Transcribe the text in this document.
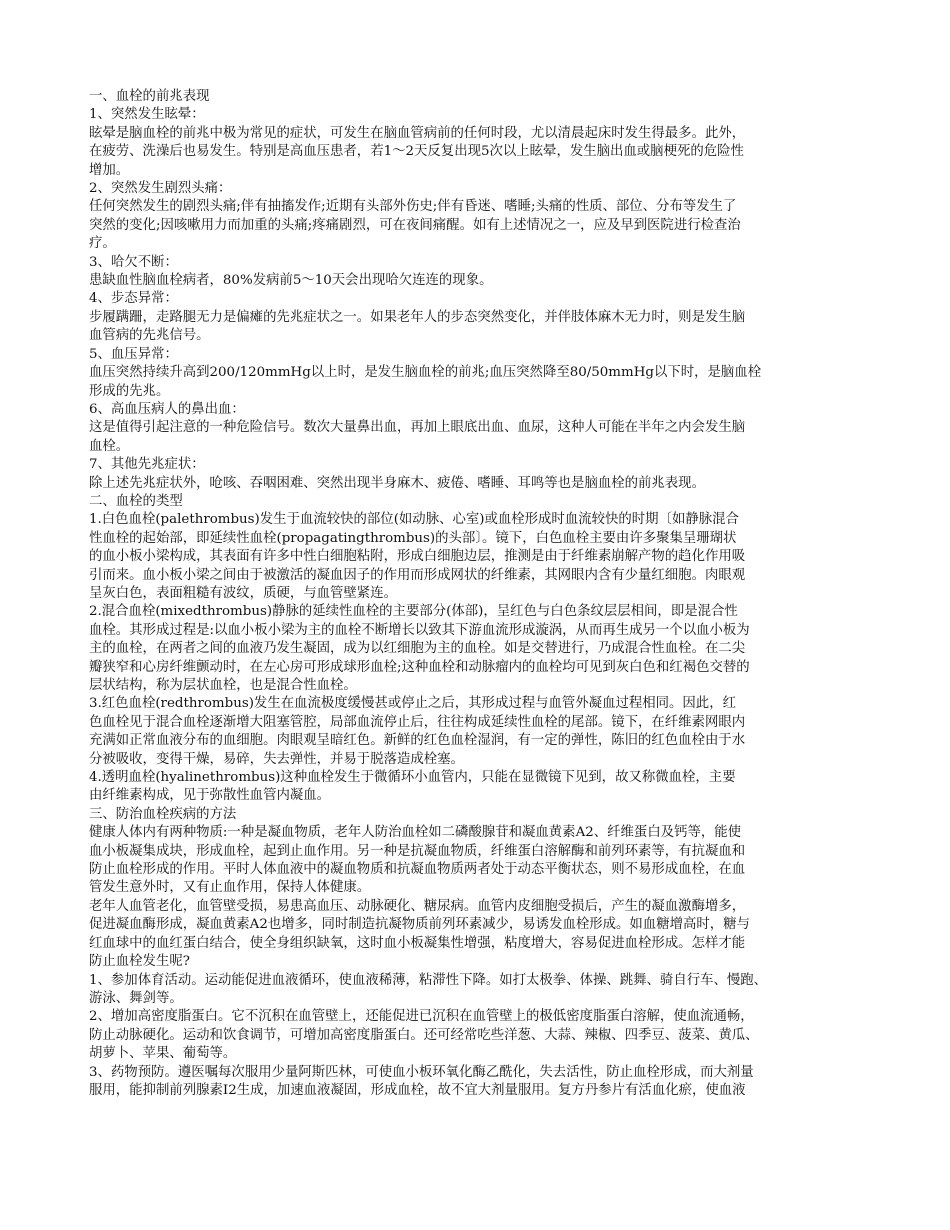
一、血栓的前兆表现
1、突然发生眩晕：
眩晕是脑血栓的前兆中极为常见的症状，可发生在脑血管病前的任何时段，尤以清晨起床时发生得最多。此外，
在疲劳、洗澡后也易发生。特别是高血压患者，若1～2天反复出现5次以上眩晕，发生脑出血或脑梗死的危险性
增加。
2、突然发生剧烈头痛：
任何突然发生的剧烈头痛;伴有抽搐发作;近期有头部外伤史;伴有昏迷、嗜睡;头痛的性质、部位、分布等发生了
突然的变化;因咳嗽用力而加重的头痛;疼痛剧烈，可在夜间痛醒。如有上述情况之一，应及早到医院进行检查治
疗。
3、哈欠不断：
患缺血性脑血栓病者，80%发病前5～10天会出现哈欠连连的现象。
4、步态异常：
步履蹒跚，走路腿无力是偏瘫的先兆症状之一。如果老年人的步态突然变化，并伴肢体麻木无力时，则是发生脑
血管病的先兆信号。
5、血压异常：
血压突然持续升高到200/120mmHg以上时，是发生脑血栓的前兆;血压突然降至80/50mmHg以下时，是脑血栓
形成的先兆。
6、高血压病人的鼻出血：
这是值得引起注意的一种危险信号。数次大量鼻出血，再加上眼底出血、血尿，这种人可能在半年之内会发生脑
血栓。
7、其他先兆症状：
除上述先兆症状外，呛咳、吞咽困难、突然出现半身麻木、疲倦、嗜睡、耳鸣等也是脑血栓的前兆表现。
二、血栓的类型
1.白色血栓(palethrombus)发生于血流较快的部位(如动脉、心室)或血栓形成时血流较快的时期〔如静脉混合
性血栓的起始部，即延续性血栓(propagatingthrombus)的头部〕。镜下，白色血栓主要由许多聚集呈珊瑚状
的血小板小梁构成，其表面有许多中性白细胞粘附，形成白细胞边层，推测是由于纤维素崩解产物的趋化作用吸
引而来。血小板小梁之间由于被激活的凝血因子的作用而形成网状的纤维素，其网眼内含有少量红细胞。肉眼观
呈灰白色，表面粗糙有波纹，质硬，与血管壁紧连。
2.混合血栓(mixedthrombus)静脉的延续性血栓的主要部分(体部)，呈红色与白色条纹层层相间，即是混合性
血栓。其形成过程是:以血小板小梁为主的血栓不断增长以致其下游血流形成漩涡，从而再生成另一个以血小板为
主的血栓，在两者之间的血液乃发生凝固，成为以红细胞为主的血栓。如是交替进行，乃成混合性血栓。在二尖
瓣狭窄和心房纤维颤动时，在左心房可形成球形血栓;这种血栓和动脉瘤内的血栓均可见到灰白色和红褐色交替的
层状结构，称为层状血栓，也是混合性血栓。
3.红色血栓(redthrombus)发生在血流极度缓慢甚或停止之后，其形成过程与血管外凝血过程相同。因此，红
色血栓见于混合血栓逐渐增大阻塞管腔，局部血流停止后，往往构成延续性血栓的尾部。镜下，在纤维素网眼内
充满如正常血液分布的血细胞。肉眼观呈暗红色。新鲜的红色血栓湿润，有一定的弹性，陈旧的红色血栓由于水
分被吸收，变得干燥，易碎，失去弹性，并易于脱落造成栓塞。
4.透明血栓(hyalinethrombus)这种血栓发生于微循环小血管内，只能在显微镜下见到，故又称微血栓，主要
由纤维素构成，见于弥散性血管内凝血。
三、防治血栓疾病的方法
健康人体内有两种物质:一种是凝血物质，老年人防治血栓如二磷酸腺苷和凝血黄素A2、纤维蛋白及钙等，能使
血小板凝集成块，形成血栓，起到止血作用。另一种是抗凝血物质，纤维蛋白溶解酶和前列环素等，有抗凝血和
防止血栓形成的作用。平时人体血液中的凝血物质和抗凝血物质两者处于动态平衡状态，则不易形成血栓，在血
管发生意外时，又有止血作用，保持人体健康。
老年人血管老化，血管壁受损，易患高血压、动脉硬化、糖尿病。血管内皮细胞受损后，产生的凝血激酶增多，
促进凝血酶形成，凝血黄素A2也增多，同时制造抗凝物质前列环素减少，易诱发血栓形成。如血糖增高时，糖与
红血球中的血红蛋白结合，使全身组织缺氧，这时血小板凝集性增强，粘度增大，容易促进血栓形成。怎样才能
防止血栓发生呢?
1、参加体育活动。运动能促进血液循环，使血液稀薄，粘滞性下降。如打太极拳、体操、跳舞、骑自行车、慢跑、
游泳、舞剑等。
2、增加高密度脂蛋白。它不沉积在血管壁上，还能促进已沉积在血管壁上的极低密度脂蛋白溶解，使血流通畅，
防止动脉硬化。运动和饮食调节，可增加高密度脂蛋白。还可经常吃些洋葱、大蒜、辣椒、四季豆、菠菜、黄瓜、
胡萝卜、苹果、葡萄等。
3、药物预防。遵医嘱每次服用少量阿斯匹林，可使血小板环氧化酶乙酰化，失去活性，防止血栓形成，而大剂量
服用，能抑制前列腺素I2生成，加速血液凝固，形成血栓，故不宜大剂量服用。复方丹参片有活血化瘀，使血液
